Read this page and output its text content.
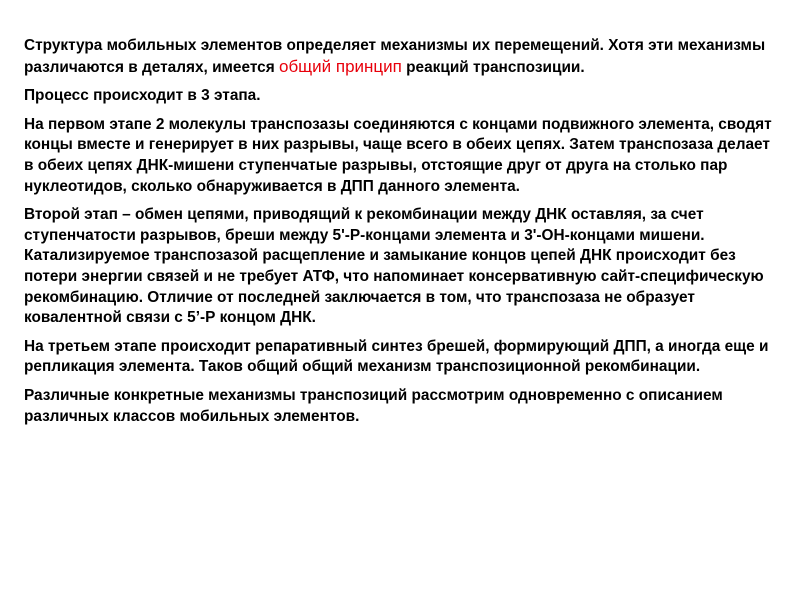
Структура мобильных элементов определяет механизмы их перемещений. Хотя эти механизмы различаются в деталях, имеется общий принцип реакций транспозиции.

Процесс происходит в 3 этапа.

На первом этапе 2 молекулы транспозазы соединяются с концами подвижного элемента, сводят концы вместе и генерирует в них разрывы, чаще всего в обеих цепях. Затем транспозаза делает в обеих цепях ДНК-мишени ступенчатые разрывы, отстоящие друг от друга на столько пар нуклеотидов, сколько обнаруживается в ДПП данного элемента.

Второй этап – обмен цепями, приводящий к рекомбинации между ДНК оставляя, за счет ступенчатости разрывов, бреши между 5'-Р-концами элемента и 3'-ОН-концами мишени. Катализируемое транспозазой расщепление и замыкание концов цепей ДНК происходит без потери энергии связей и не требует АТФ, что напоминает консервативную сайт-специфическую рекомбинацию. Отличие от последней заключается в том, что транспозаза не образует ковалентной связи с 5’-Р концом ДНК.

На третьем этапе происходит репаративный синтез брешей, формирующий ДПП, а иногда еще и репликация элемента. Таков общий общий механизм транспозиционной рекомбинации.

Различные конкретные механизмы транспозиций рассмотрим одновременно с описанием различных классов мобильных элементов.
